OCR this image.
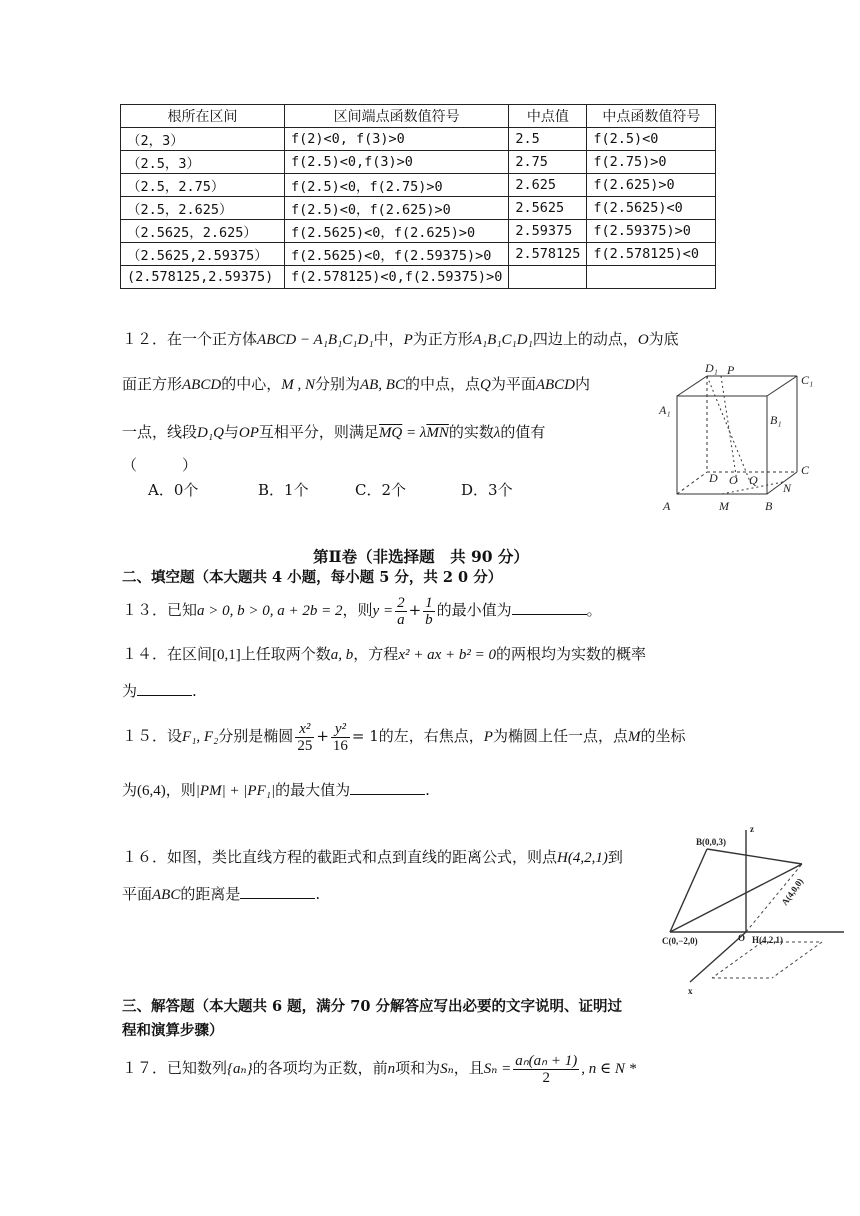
根所在区间	区间端点函数值符号	中点值	中点函数值符号
（2，3）	f(2)<0, f(3)>0	2.5	f(2.5)<0
（2.5，3）	f(2.5)<0,f(3)>0	2.75	f(2.75)>0
（2.5，2.75）	f(2.5)<0，f(2.75)>0	2.625	f(2.625)>0
（2.5，2.625）	f(2.5)<0，f(2.625)>0	2.5625	f(2.5625)<0
（2.5625，2.625）	f(2.5625)<0，f(2.625)>0	2.59375	f(2.59375)>0
（2.5625,2.59375）	f(2.5625)<0，f(2.59375)>0	2.578125	f(2.578125)<0
(2.578125,2.59375)	f(2.578125)<0,f(2.59375)>0		
１２．在一个正方体ABCD − A₁B₁C₁D₁中，P为正方形A₁B₁C₁D₁四边上的动点，O为底
面正方形ABCD的中心，M , N分别为AB, BC的中点，点Q为平面ABCD内
一点，线段D₁Q与OP互相平分，则满足$\overline{MQ} = \lambda\overline{MN}$的实数λ的值有
（　　　）
A．0个	B．1个	C．2个	D．3个
D₁ P
C₁
A₁
B₁
C
D O Q
N
A	M	B
第Ⅱ卷（非选择题　共 90 分）
二、填空题（本大题共 4 小题，每小题 5 分，共 2 0 分）
１３．已知a > 0, b > 0, a + 2b = 2，则$y = \frac{2}{a} + \frac{1}{b}$ 的最小值为	。
１４．在区间[0,1]上任取两个数a, b，方程x² + ax + b² = 0的两根均为实数的概率
为	.
１５．设F₁, F₂分别是椭圆 $\frac{\text{x²}}{25} + \frac{\text{y²}}{16} = 1$的左，右焦点，P为椭圆上任一点，点M的坐标
为(6,4)，则|PM| + |PF₁|的最大值为	.
１６．如图，类比直线方程的截距式和点到直线的距离公式，则点H(4,2,1)到
平面ABC的距离是	.
z
B(0,0,3)
A(4,0,0)
C(0,−2,0)	O H(4,2,1)
x
三、解答题（本大题共 6 题，满分 70 分解答应写出必要的文字说明、证明过
程和演算步骤）
１７．已知数列{aₙ}的各项均为正数，前n项和为Sₙ，且$S_n = \frac{\text{aₙ(aₙ + 1)}}{2}$ , n ∈ N *
